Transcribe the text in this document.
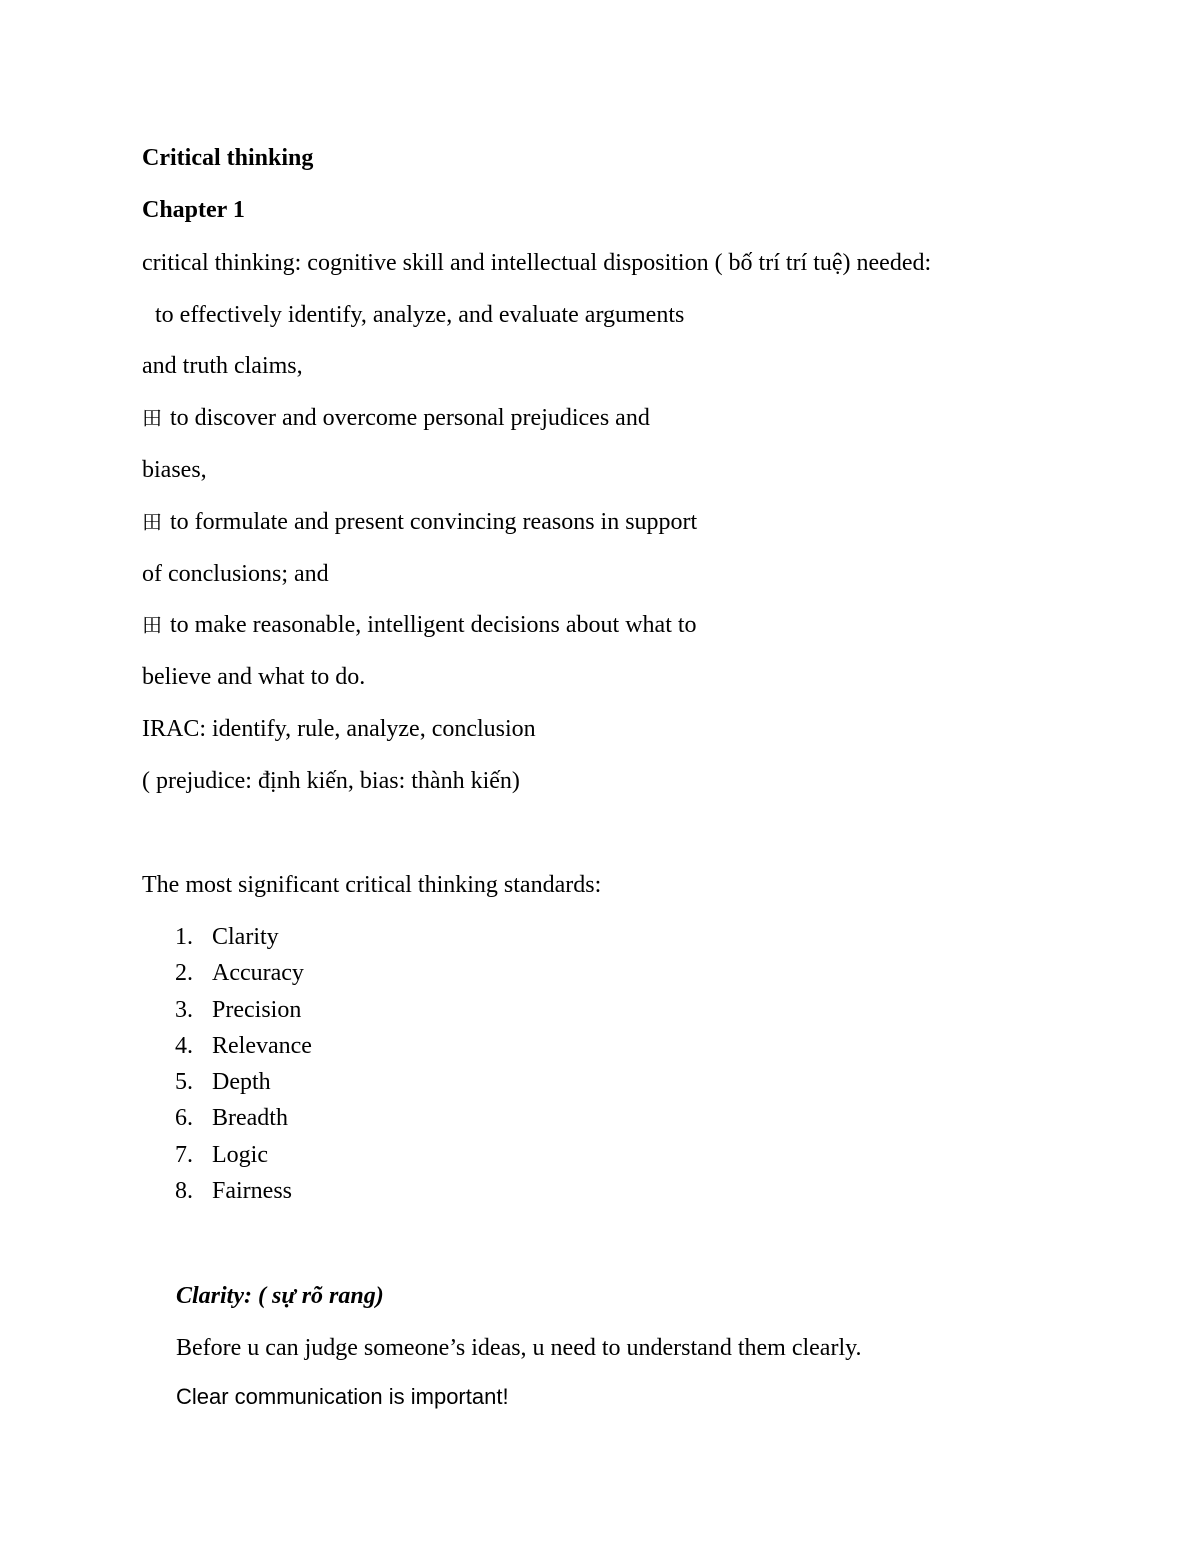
Critical thinking
Chapter 1
critical thinking: cognitive skill and intellectual disposition ( bố trí trí tuệ) needed:
to effectively identify, analyze, and evaluate arguments
and truth claims,
田 to discover and overcome personal prejudices and
biases,
田 to formulate and present convincing reasons in support
of conclusions; and
田 to make reasonable, intelligent decisions about what to
believe and what to do.
IRAC: identify, rule, analyze, conclusion
( prejudice: định kiến, bias: thành kiến)
The most significant critical thinking standards:
1. Clarity
2. Accuracy
3. Precision
4. Relevance
5. Depth
6. Breadth
7. Logic
8. Fairness
Clarity: ( sự rõ rang)
Before u can judge someone’s ideas, u need to understand them clearly.
Clear communication is important!
